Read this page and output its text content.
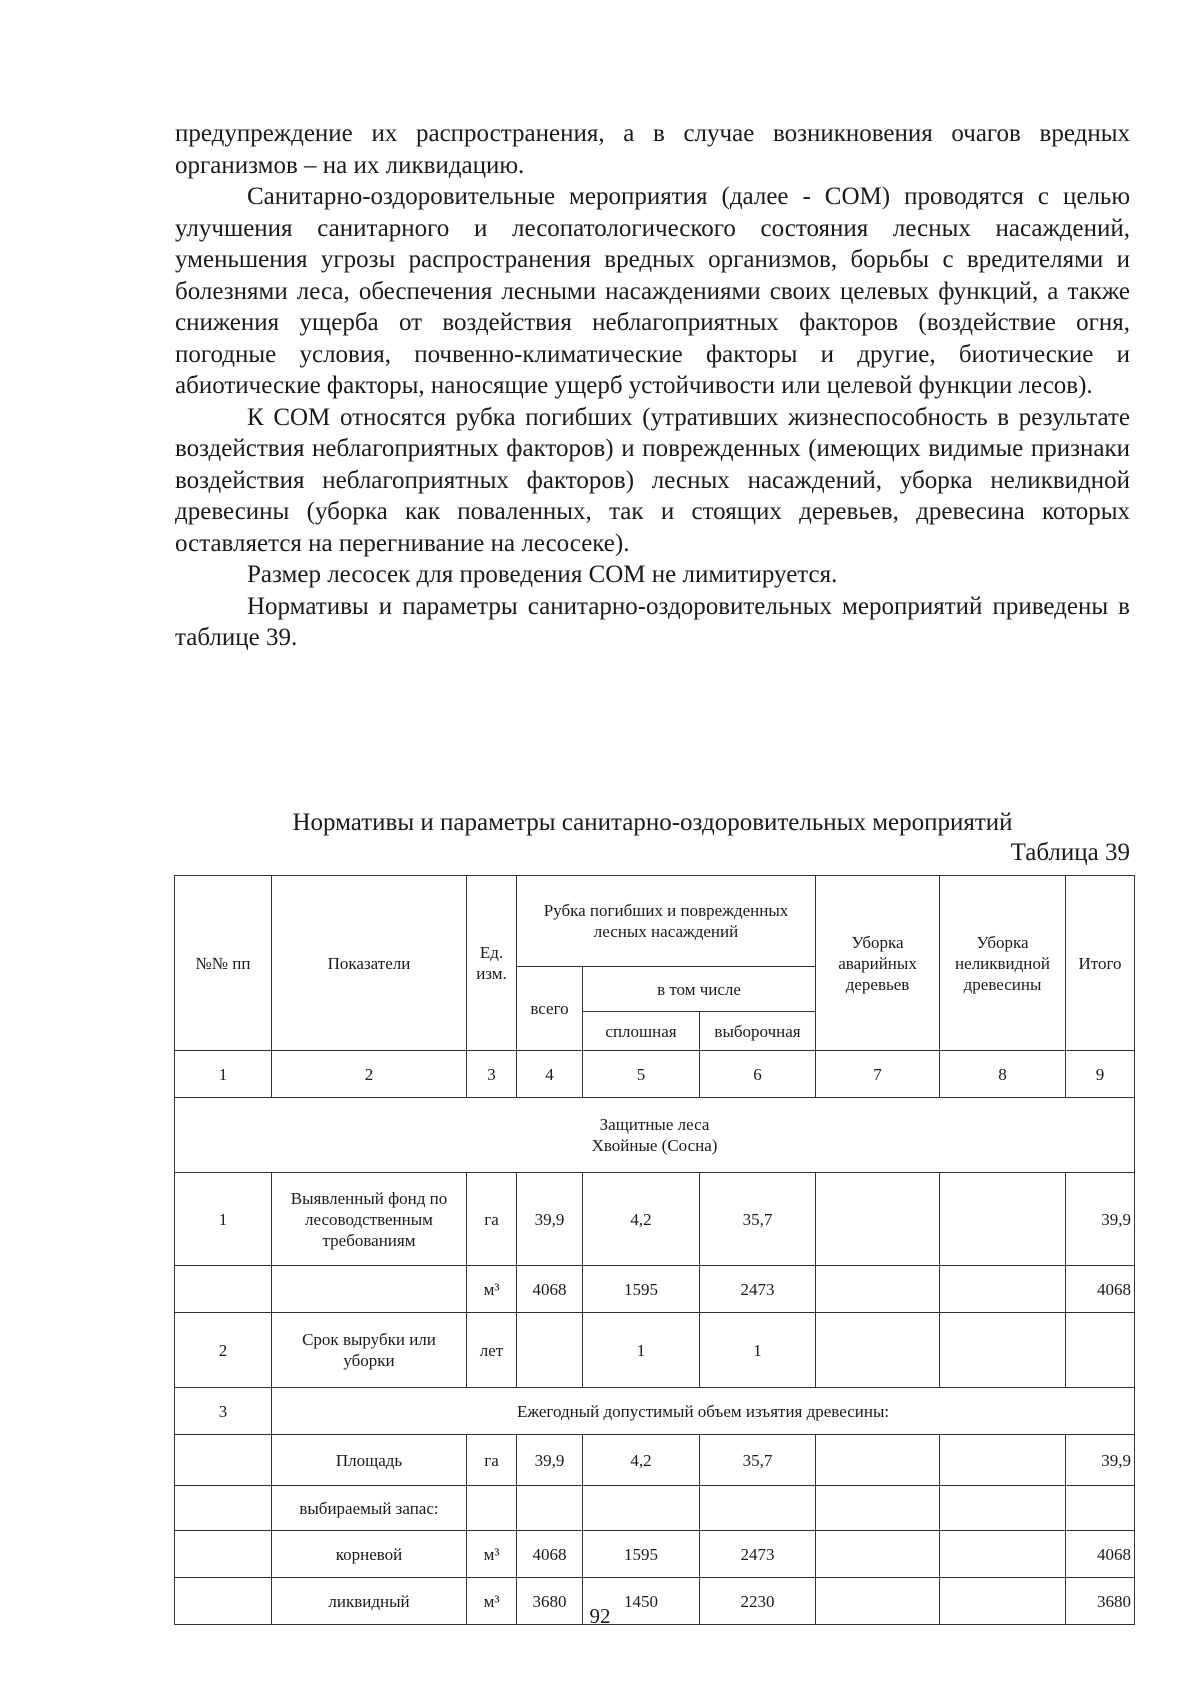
предупреждение их распространения, а в случае возникновения очагов вредных организмов – на их ликвидацию.

Санитарно-оздоровительные мероприятия (далее - СОМ) проводятся с целью улучшения санитарного и лесопатологического состояния лесных насаждений, уменьшения угрозы распространения вредных организмов, борьбы с вредителями и болезнями леса, обеспечения лесными насаждениями своих целевых функций, а также снижения ущерба от воздействия неблагоприятных факторов (воздействие огня, погодные условия, почвенно-климатические факторы и другие, биотические и абиотические факторы, наносящие ущерб устойчивости или целевой функции лесов).

К СОМ относятся рубка погибших (утративших жизнеспособность в результате воздействия неблагоприятных факторов) и поврежденных (имеющих видимые признаки воздействия неблагоприятных факторов) лесных насаждений, уборка неликвидной древесины (уборка как поваленных, так и стоящих деревьев, древесина которых оставляется на перегнивание на лесосеке).

Размер лесосек для проведения СОМ не лимитируется.

Нормативы и параметры санитарно-оздоровительных мероприятий приведены в таблице 39.

Нормативы и параметры санитарно-оздоровительных мероприятий
Таблица 39
№№ пп	Показатели	Ед. изм.	Рубка погибших и поврежденных лесных насаждений			Уборка аварийных деревьев	Уборка неликвидной древесины	Итого
			всего	в том числе				
				сплошная	выборочная			
1	2	3	4	5	6	7	8	9

Защитные леса
Хвойные (Сосна)								

1	Выявленный фонд по лесоводственным требованиям	га	39,9	4,2	35,7			39,9
		м³	4068	1595	2473			4068
2	Срок вырубки или уборки	лет		1	1			
3	Ежегодный допустимый объем изъятия древесины:							
	Площадь	га	39,9	4,2	35,7			39,9
	выбираемый запас:							
	корневой	м³	4068	1595	2473			4068
	ликвидный	м³	3680	1450	2230			3680
92
